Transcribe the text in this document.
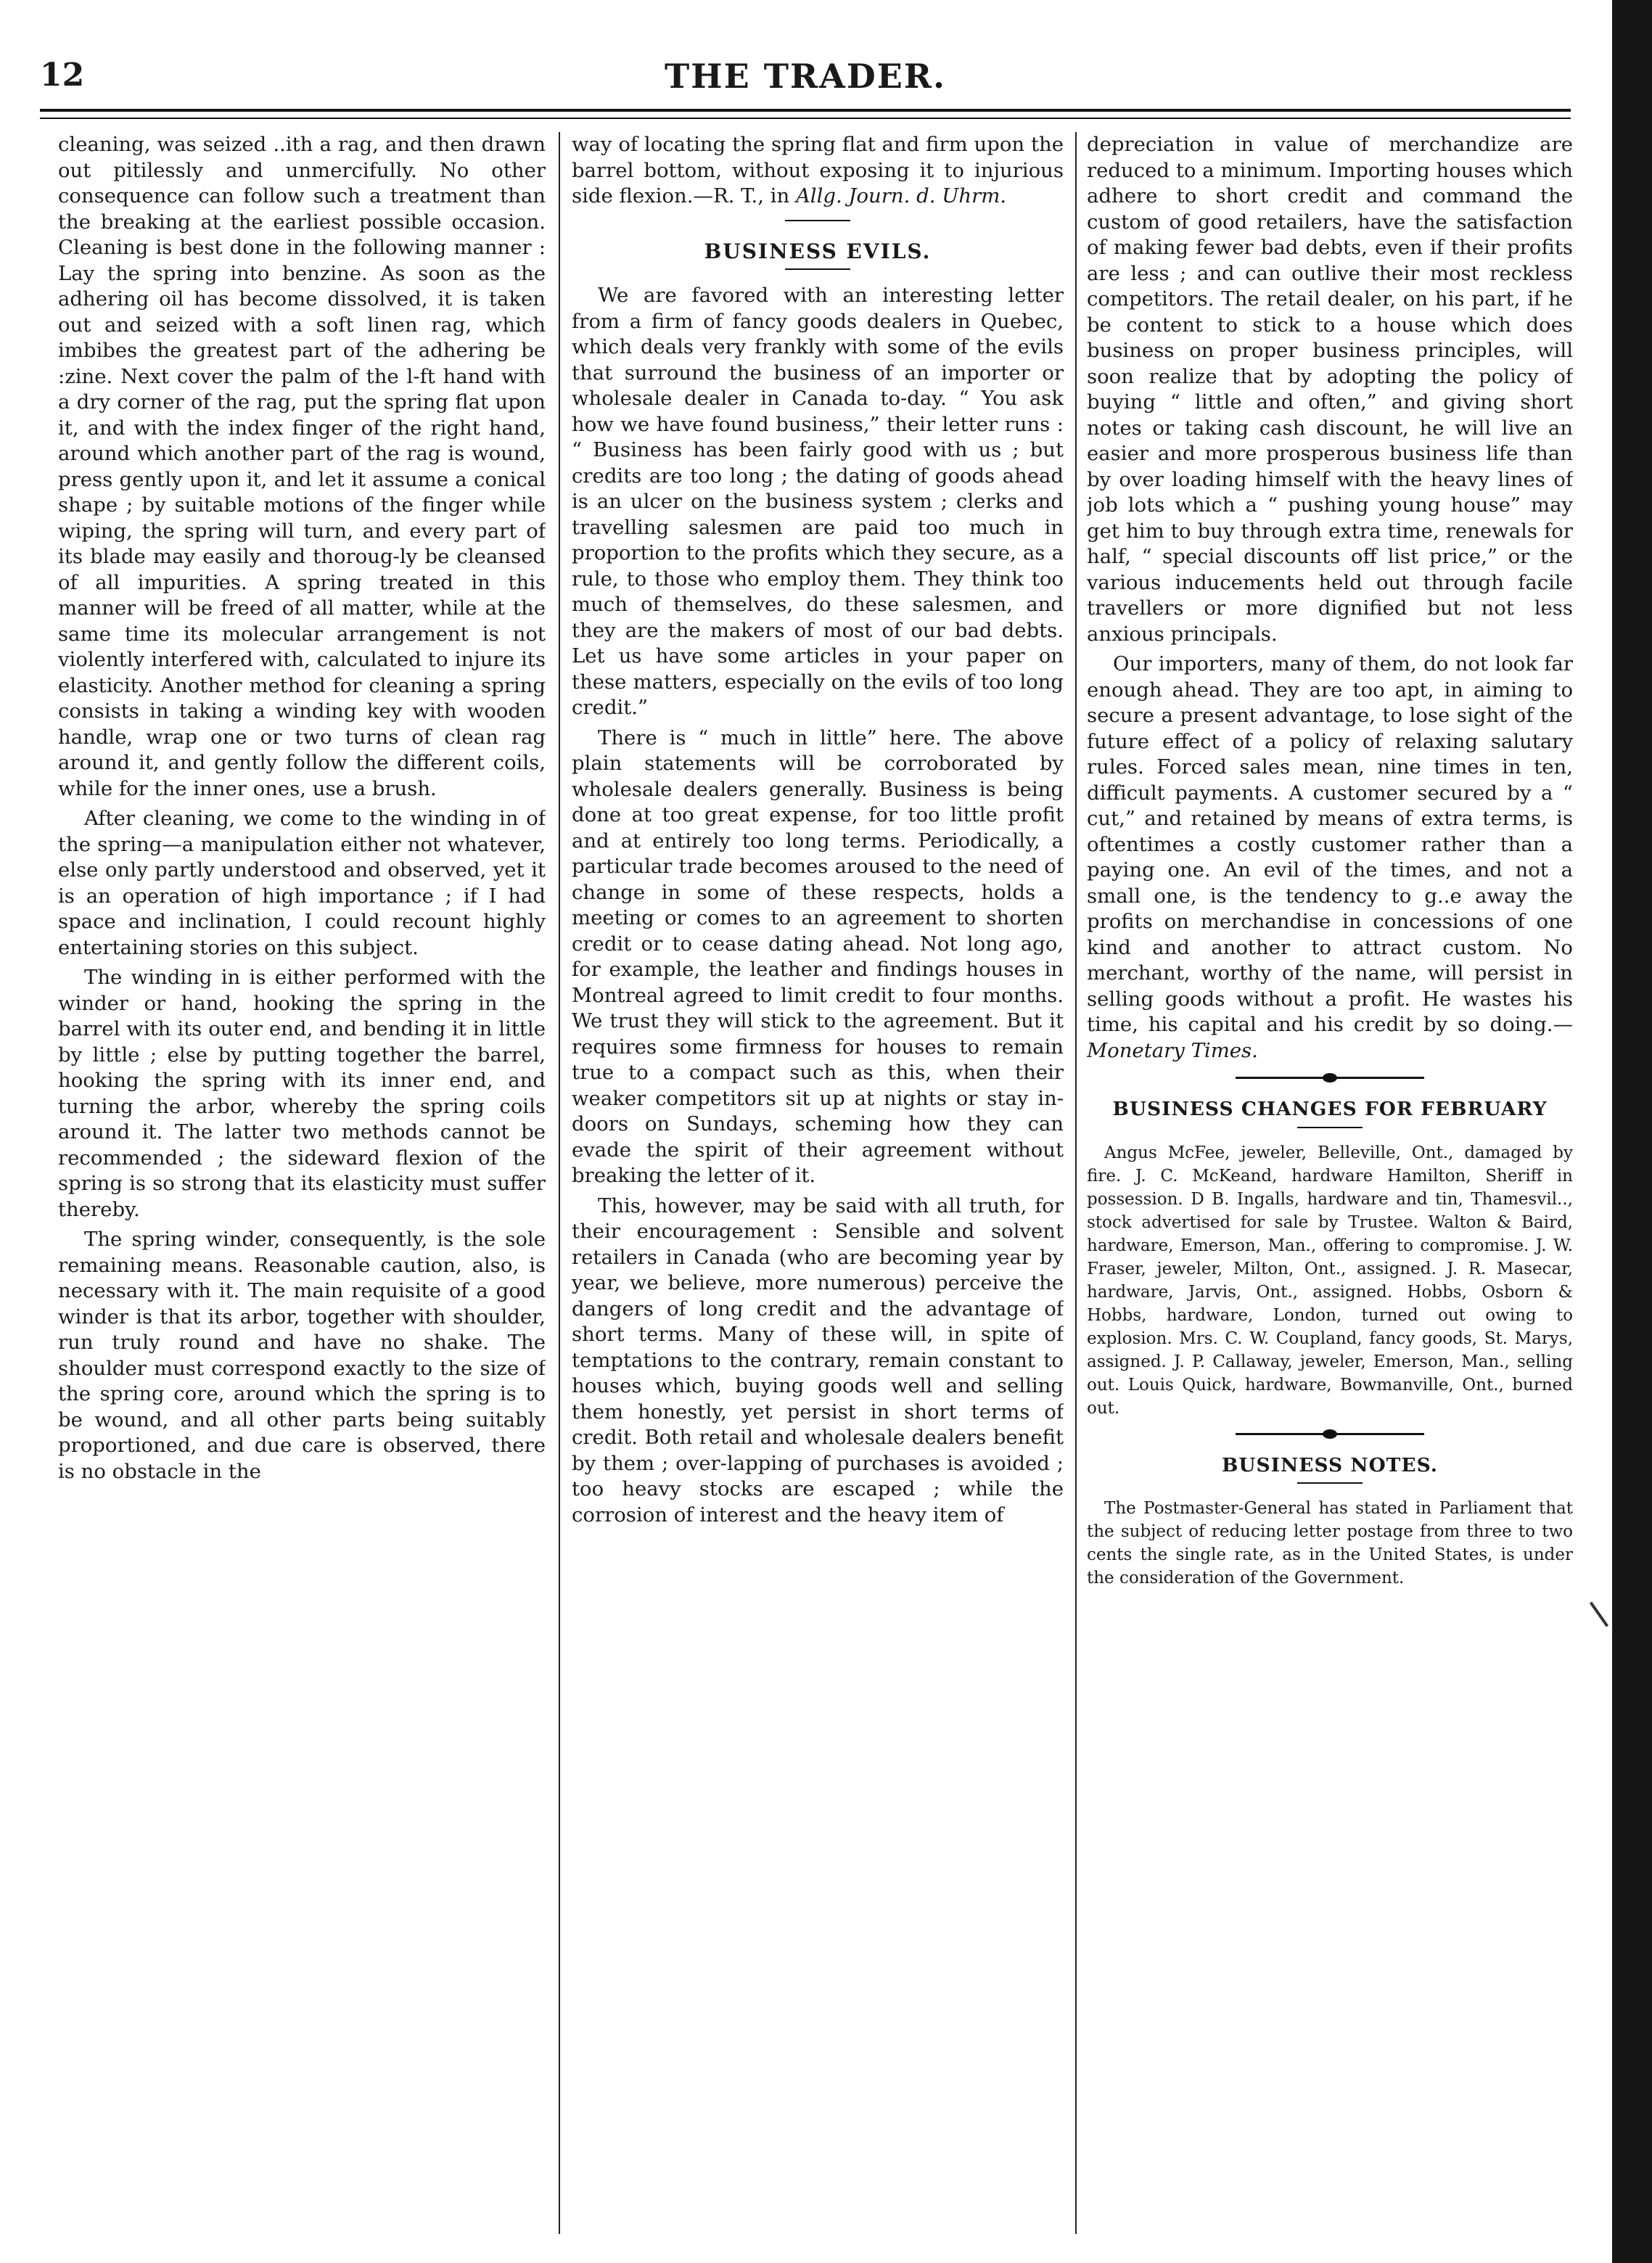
12	THE TRADER.

cleaning, was seized ..ith a rag, and then drawn out pitilessly and unmercifully. No other consequence can follow such a treatment than the breaking at the earliest possible occasion. Cleaning is best done in the following manner : Lay the spring into benzine. As soon as the adhering oil has become dissolved, it is taken out and seized with a soft linen rag, which imbibes the greatest part of the adhering be :zine. Next cover the palm of the l-ft hand with a dry corner of the rag, put the spring flat upon it, and with the index finger of the right hand, around which another part of the rag is wound, press gently upon it, and let it assume a conical shape ; by suitable motions of the finger while wiping, the spring will turn, and every part of its blade may easily and thoroug-ly be cleansed of all impurities. A spring treated in this manner will be freed of all matter, while at the same time its molecular arrangement is not violently interfered with, calculated to injure its elasticity. Another method for cleaning a spring consists in taking a winding key with wooden handle, wrap one or two turns of clean rag around it, and gently follow the different coils, while for the inner ones, use a brush.

After cleaning, we come to the winding in of the spring—a manipulation either not whatever, else only partly understood and observed, yet it is an operation of high importance ; if I had space and inclination, I could recount highly entertaining stories on this subject.

The winding in is either performed with the winder or hand, hooking the spring in the barrel with its outer end, and bending it in little by little ; else by putting together the barrel, hooking the spring with its inner end, and turning the arbor, whereby the spring coils around it. The latter two methods cannot be recommended ; the sideward flexion of the spring is so strong that its elasticity must suffer thereby.

The spring winder, consequently, is the sole remaining means. Reasonable caution, also, is necessary with it. The main requisite of a good winder is that its arbor, together with shoulder, run truly round and have no shake. The shoulder must correspond exactly to the size of the spring core, around which the spring is to be wound, and all other parts being suitably proportioned, and due care is observed, there is no obstacle in the

way of locating the spring flat and firm upon the barrel bottom, without exposing it to injurious side flexion.—R. T., in Allg. Journ. d. Uhrm.

BUSINESS EVILS.

We are favored with an interesting letter from a firm of fancy goods dealers in Quebec, which deals very frankly with some of the evils that surround the business of an importer or wholesale dealer in Canada to-day. “ You ask how we have found business,” their letter runs : “ Business has been fairly good with us ; but credits are too long ; the dating of goods ahead is an ulcer on the business system ; clerks and travelling salesmen are paid too much in proportion to the profits which they secure, as a rule, to those who employ them. They think too much of themselves, do these salesmen, and they are the makers of most of our bad debts. Let us have some articles in your paper on these matters, especially on the evils of too long credit.”

There is “ much in little” here. The above plain statements will be corroborated by wholesale dealers generally. Business is being done at too great expense, for too little profit and at entirely too long terms. Periodically, a particular trade becomes aroused to the need of change in some of these respects, holds a meeting or comes to an agreement to shorten credit or to cease dating ahead. Not long ago, for example, the leather and findings houses in Montreal agreed to limit credit to four months. We trust they will stick to the agreement. But it requires some firmness for houses to remain true to a compact such as this, when their weaker competitors sit up at nights or stay in-doors on Sundays, scheming how they can evade the spirit of their agreement without breaking the letter of it.

This, however, may be said with all truth, for their encouragement : Sensible and solvent retailers in Canada (who are becoming year by year, we believe, more numerous) perceive the dangers of long credit and the advantage of short terms. Many of these will, in spite of temptations to the contrary, remain constant to houses which, buying goods well and selling them honestly, yet persist in short terms of credit. Both retail and wholesale dealers benefit by them ; over-lapping of purchases is avoided ; too heavy stocks are escaped ; while the corrosion of interest and the heavy item of

depreciation in value of merchandize are reduced to a minimum. Importing houses which adhere to short credit and command the custom of good retailers, have the satisfaction of making fewer bad debts, even if their profits are less ; and can outlive their most reckless competitors. The retail dealer, on his part, if he be content to stick to a house which does business on proper business principles, will soon realize that by adopting the policy of buying “ little and often,” and giving short notes or taking cash discount, he will live an easier and more prosperous business life than by over loading himself with the heavy lines of job lots which a “ pushing young house” may get him to buy through extra time, renewals for half, “ special discounts off list price,” or the various inducements held out through facile travellers or more dignified but not less anxious principals.

Our importers, many of them, do not look far enough ahead. They are too apt, in aiming to secure a present advantage, to lose sight of the future effect of a policy of relaxing salutary rules. Forced sales mean, nine times in ten, difficult payments. A customer secured by a “ cut,” and retained by means of extra terms, is oftentimes a costly customer rather than a paying one. An evil of the times, and not a small one, is the tendency to g..e away the profits on merchandise in concessions of one kind and another to attract custom. No merchant, worthy of the name, will persist in selling goods without a profit. He wastes his time, his capital and his credit by so doing.—Monetary Times.

BUSINESS CHANGES FOR FEBRUARY

Angus McFee, jeweler, Belleville, Ont., damaged by fire. J. C. McKeand, hardware Hamilton, Sheriff in possession. D B. Ingalls, hardware and tin, Thamesvil.., stock advertised for sale by Trustee. Walton & Baird, hardware, Emerson, Man., offering to compromise. J. W. Fraser, jeweler, Milton, Ont., assigned. J. R. Masecar, hardware, Jarvis, Ont., assigned. Hobbs, Osborn & Hobbs, hardware, London, turned out owing to explosion. Mrs. C. W. Coupland, fancy goods, St. Marys, assigned. J. P. Callaway, jeweler, Emerson, Man., selling out. Louis Quick, hardware, Bowmanville, Ont., burned out.

BUSINESS NOTES.

The Postmaster-General has stated in Parliament that the subject of reducing letter postage from three to two cents the single rate, as in the United States, is under the consideration of the Government.
